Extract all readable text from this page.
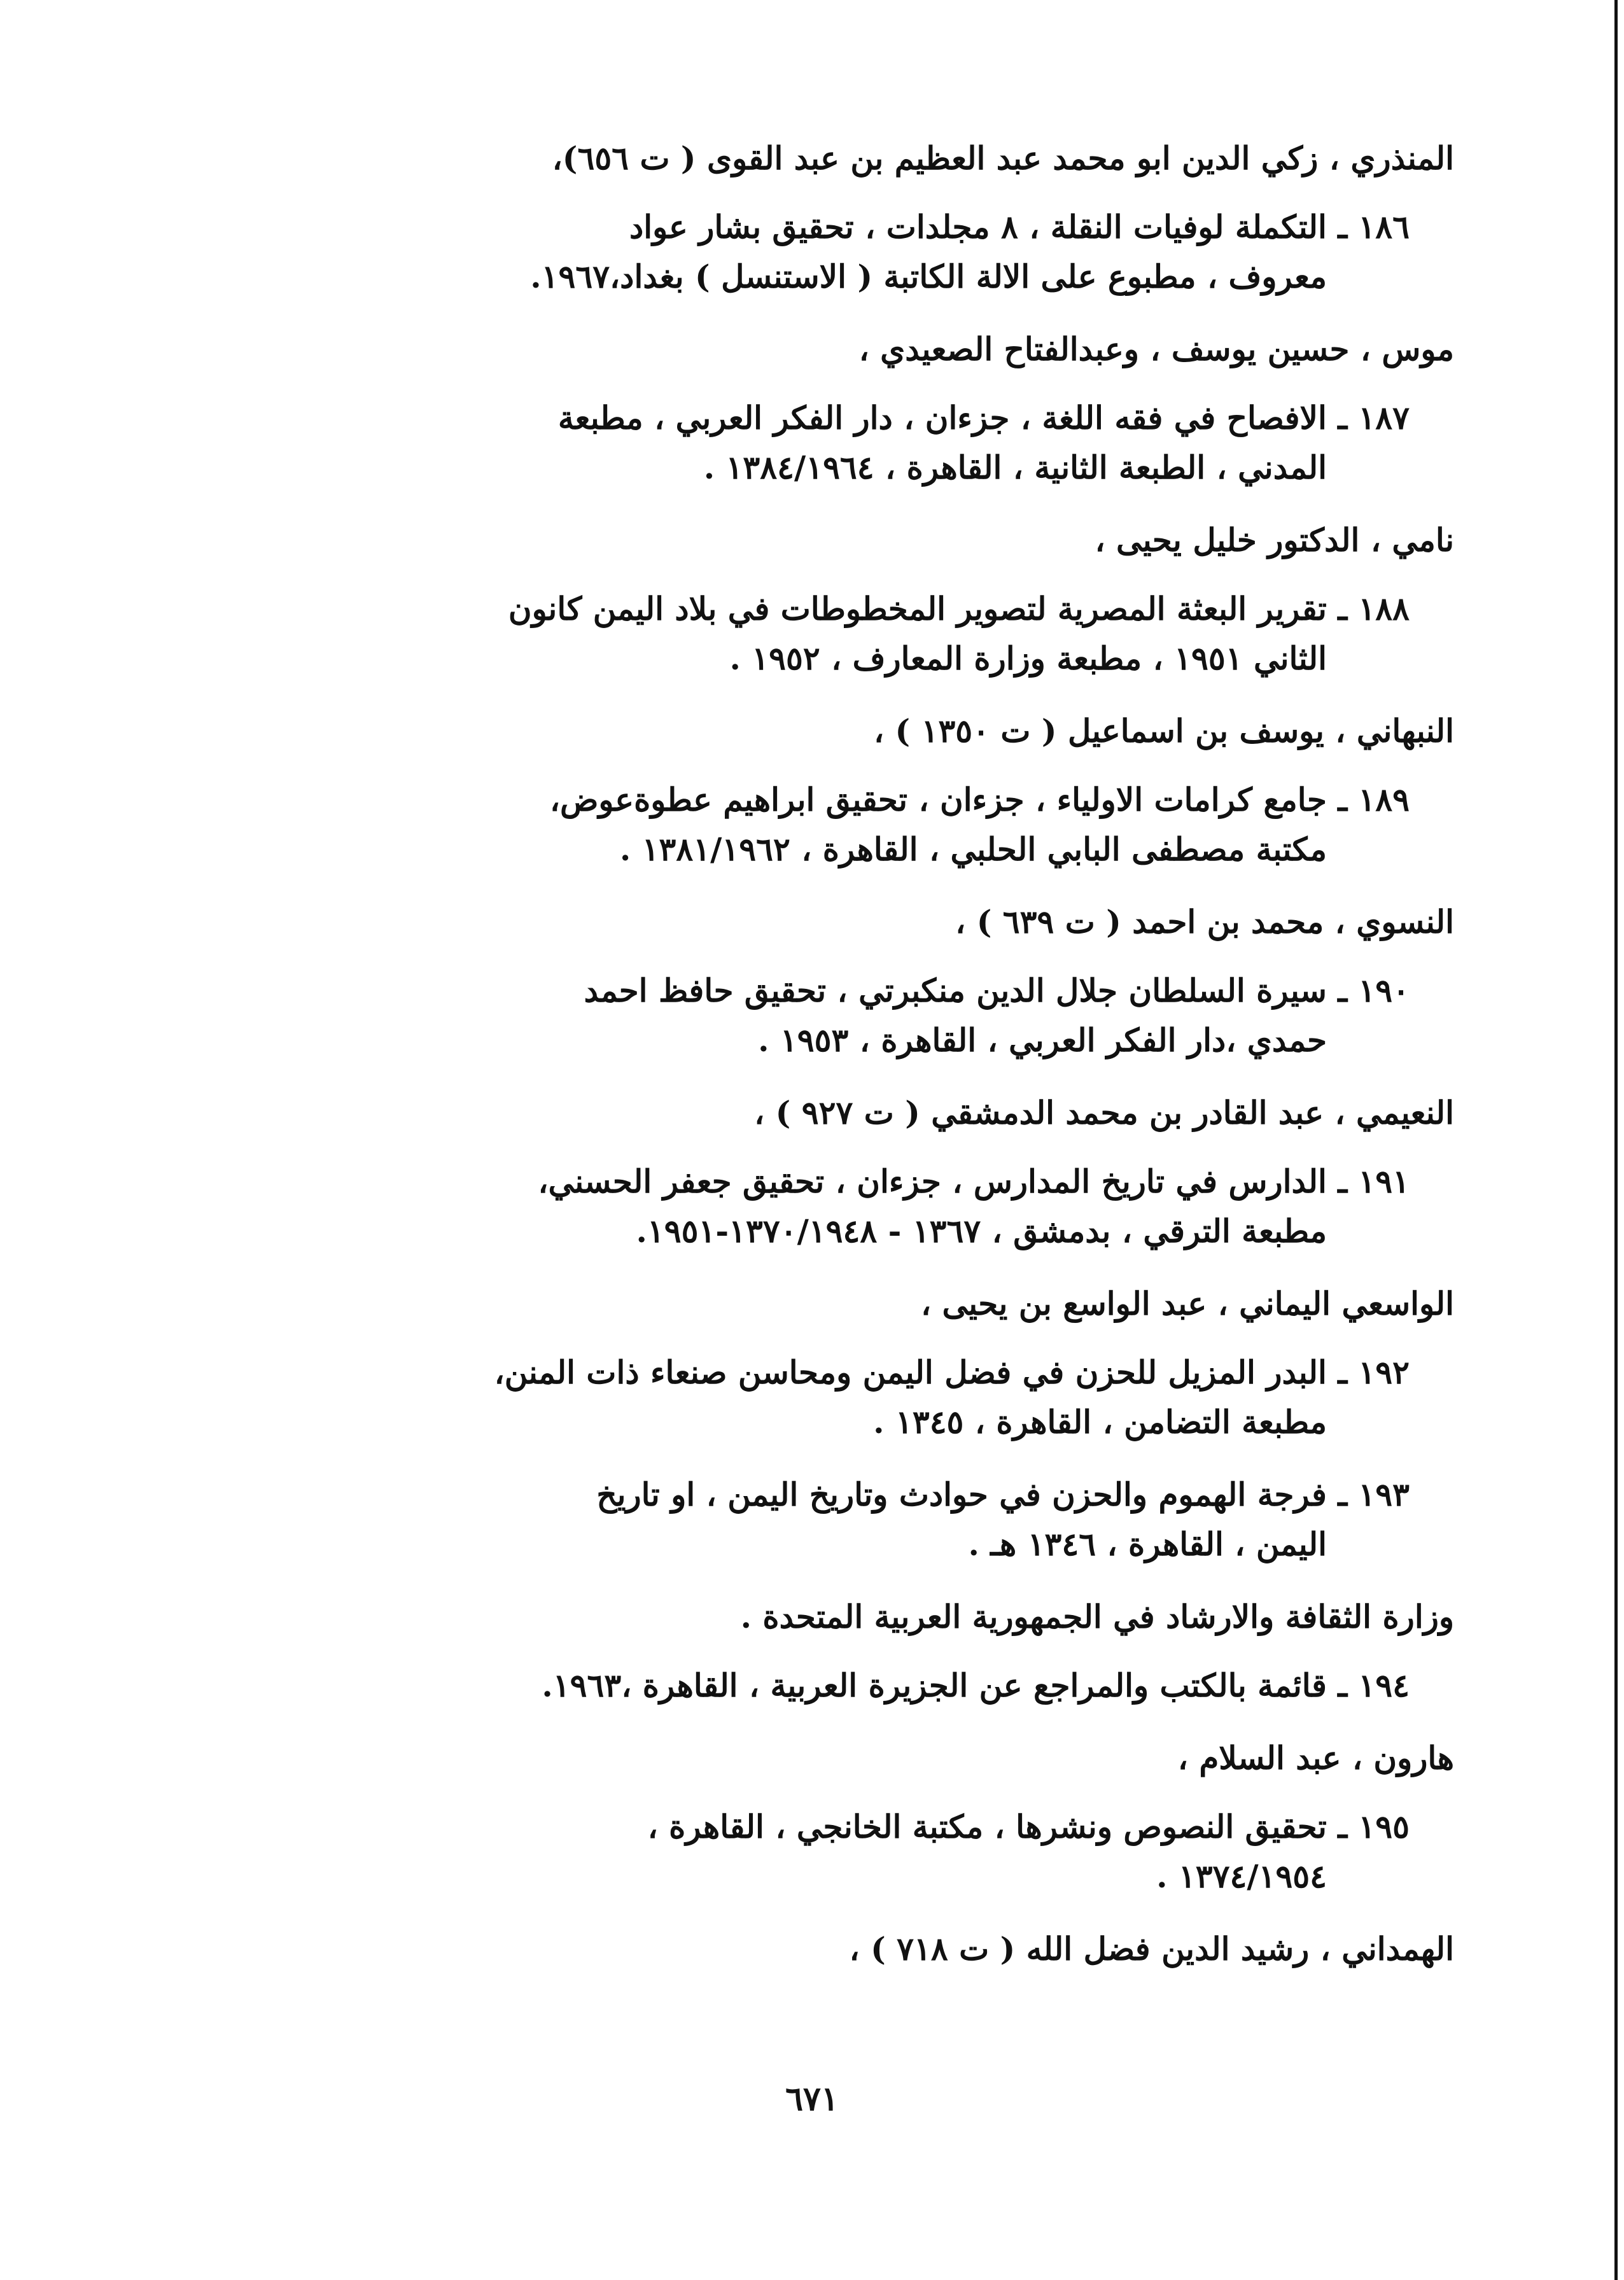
المنذري ، زكي الدين ابو محمد عبد العظيم بن عبد القوى ( ت ٦٥٦)،
١٨٦ ـ التكملة لوفيات النقلة ، ٨ مجلدات ، تحقيق بشار عواد
معروف ، مطبوع على الالة الكاتبة ( الاستنسل ) بغداد،١٩٦٧.
موس ، حسين يوسف ، وعبدالفتاح الصعيدي ،
١٨٧ ـ الافصاح في فقه اللغة ، جزءان ، دار الفكر العربي ، مطبعة
المدني ، الطبعة الثانية ، القاهرة ، ١٣٨٤/١٩٦٤ .
نامي ، الدكتور خليل يحيى ،
١٨٨ ـ تقرير البعثة المصرية لتصوير المخطوطات في بلاد اليمن كانون
الثاني ١٩٥١ ، مطبعة وزارة المعارف ، ١٩٥٢ .
النبهاني ، يوسف بن اسماعيل ( ت ١٣٥٠ ) ،
١٨٩ ـ جامع كرامات الاولياء ، جزءان ، تحقيق ابراهيم عطوةعوض،
مكتبة مصطفى البابي الحلبي ، القاهرة ، ١٣٨١/١٩٦٢ .
النسوي ، محمد بن احمد ( ت ٦٣٩ ) ،
١٩٠ ـ سيرة السلطان جلال الدين منكبرتي ، تحقيق حافظ احمد
حمدي ،دار الفكر العربي ، القاهرة ، ١٩٥٣ .
النعيمي ، عبد القادر بن محمد الدمشقي ( ت ٩٢٧ ) ،
١٩١ ـ الدارس في تاريخ المدارس ، جزءان ، تحقيق جعفر الحسني،
مطبعة الترقي ، بدمشق ، ١٣٦٧ - ١٣٧٠/١٩٤٨-١٩٥١.
الواسعي اليماني ، عبد الواسع بن يحيى ،
١٩٢ ـ البدر المزيل للحزن في فضل اليمن ومحاسن صنعاء ذات المنن،
مطبعة التضامن ، القاهرة ، ١٣٤٥ .
١٩٣ ـ فرجة الهموم والحزن في حوادث وتاريخ اليمن ، او تاريخ
اليمن ، القاهرة ، ١٣٤٦ هـ .
وزارة الثقافة والارشاد في الجمهورية العربية المتحدة .
١٩٤ ـ قائمة بالكتب والمراجع عن الجزيرة العربية ، القاهرة ،١٩٦٣.
هارون ، عبد السلام ،
١٩٥ ـ تحقيق النصوص ونشرها ، مكتبة الخانجي ، القاهرة ،
١٣٧٤/١٩٥٤ .
الهمداني ، رشيد الدين فضل الله ( ت ٧١٨ ) ،
٦٧١
